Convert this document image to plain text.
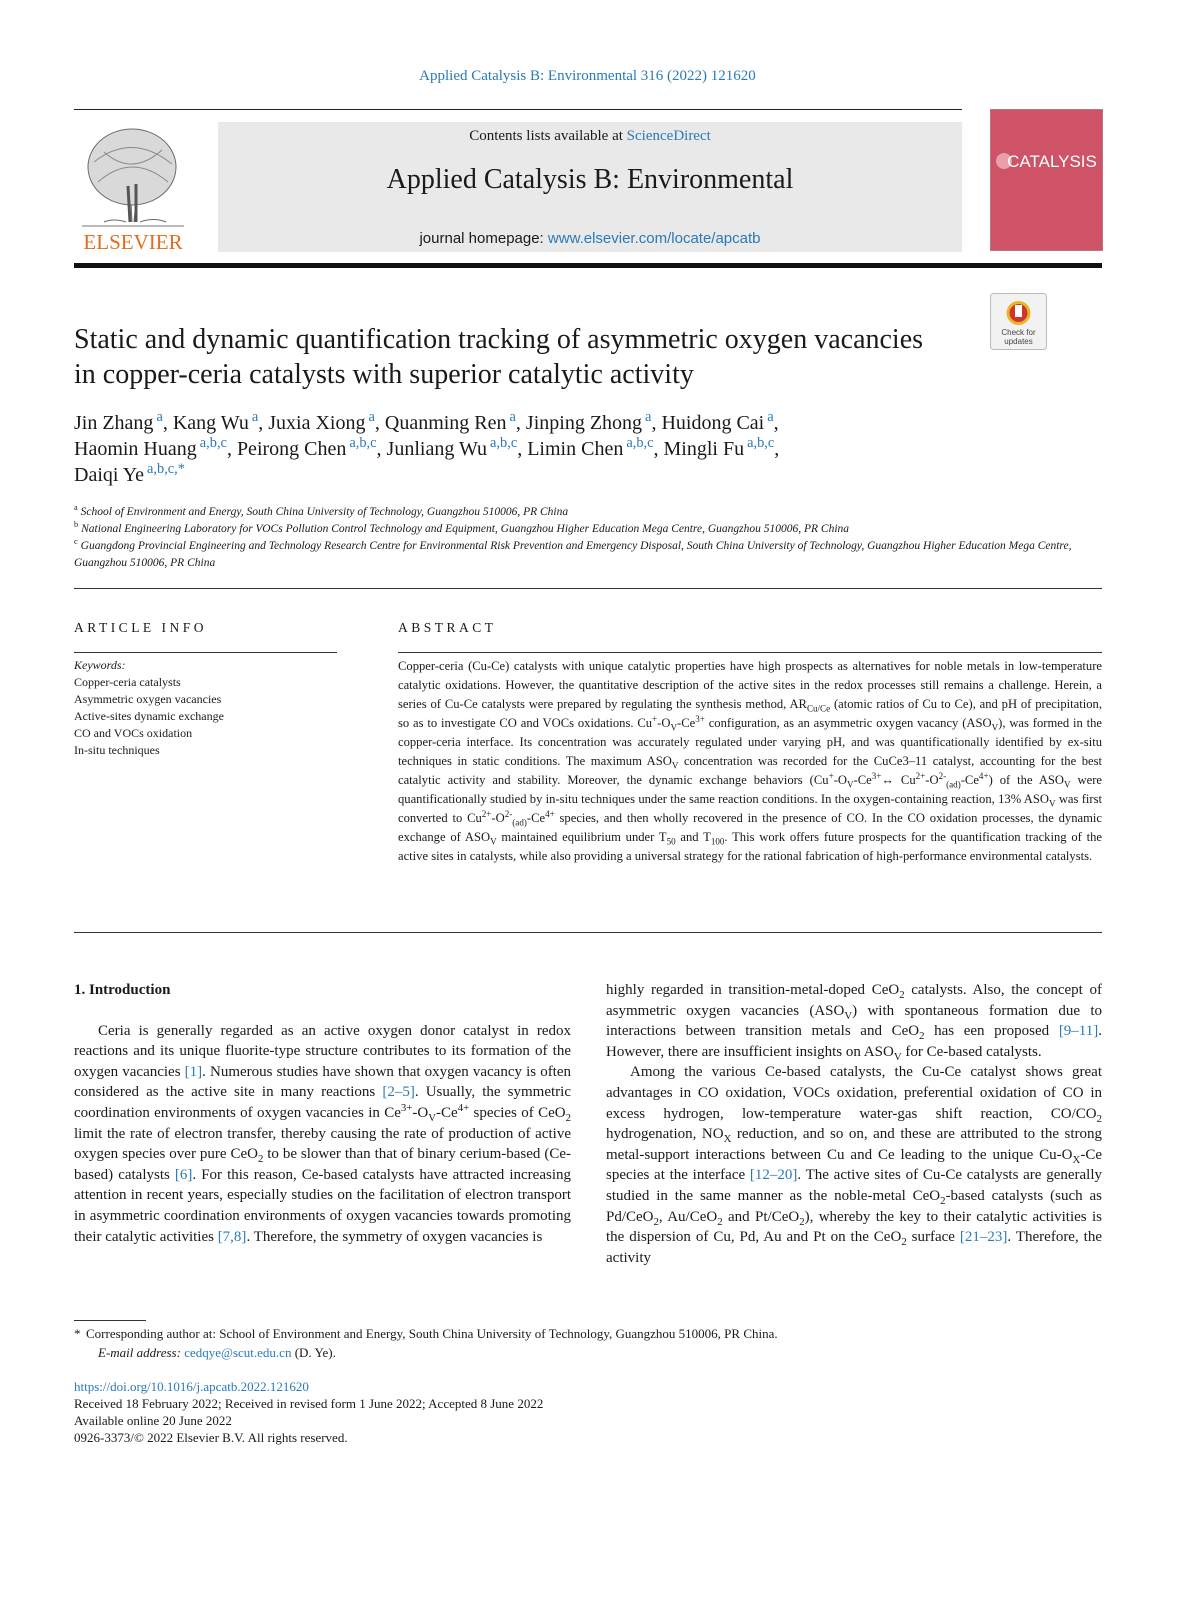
Applied Catalysis B: Environmental 316 (2022) 121620
ELSEVIER
Contents lists available at ScienceDirect
Applied Catalysis B: Environmental
journal homepage: www.elsevier.com/locate/apcatb
CATALYSIS
Check for
updates
Static and dynamic quantification tracking of asymmetric oxygen vacancies
in copper-ceria catalysts with superior catalytic activity
Jin Zhang $^a$, Kang Wu $^a$, Juxia Xiong $^a$, Quanming Ren $^a$, Jinping Zhong $^a$, Huidong Cai $^a$,
Haomin Huang $^{a,b,c}$, Peirong Chen $^{a,b,c}$, Junliang Wu $^{a,b,c}$, Limin Chen $^{a,b,c}$, Mingli Fu $^{a,b,c}$,
Daiqi Ye $^{a,b,c,*}$
$^a$ School of Environment and Energy, South China University of Technology, Guangzhou 510006, PR China
$^b$ National Engineering Laboratory for VOCs Pollution Control Technology and Equipment, Guangzhou Higher Education Mega Centre, Guangzhou 510006, PR China
$^c$ Guangdong Provincial Engineering and Technology Research Centre for Environmental Risk Prevention and Emergency Disposal, South China University of Technology, Guangzhou Higher Education Mega Centre, Guangzhou 510006, PR China
ARTICLE INFO	ABSTRACT
Keywords:
Copper-ceria catalysts
Asymmetric oxygen vacancies
Active-sites dynamic exchange
CO and VOCs oxidation
In-situ techniques
Copper-ceria (Cu-Ce) catalysts with unique catalytic properties have high prospects as alternatives for noble metals in low-temperature catalytic oxidations. However, the quantitative description of the active sites in the redox processes still remains a challenge. Herein, a series of Cu-Ce catalysts were prepared by regulating the synthesis method, $AR_{Cu/Ce}$ (atomic ratios of Cu to Ce), and pH of precipitation, so as to investigate CO and VOCs oxidations. $Cu^+-O_V-Ce^{3+}$ configuration, as an asymmetric oxygen vacancy $(ASO_V)$, was formed in the copper-ceria interface. Its concentration was accurately regulated under varying pH, and was quantificationally identified by ex-situ techniques in static conditions. The maximum $ASO_V$ concentration was recorded for the CuCe3–11 catalyst, accounting for the best catalytic activity and stability. Moreover, the dynamic exchange behaviors ($Cu^+-O_V-Ce^{3+}\leftrightarrow$ $Cu^{2+}-O^{2-}_{(ad)}-Ce^{4+}$) of the $ASO_V$ were quantificationally studied by in-situ techniques under the same reaction conditions. In the oxygen-containing reaction, 13% $ASO_V$ was first converted to $Cu^{2+}-O^{2-}_{(ad)}-Ce^{4+}$ species, and then wholly recovered in the presence of CO. In the CO oxidation processes, the dynamic exchange of $ASO_V$ maintained equilibrium under $T_{50}$ and $T_{100}$. This work offers future prospects for the quantification tracking of the active sites in catalysts, while also providing a universal strategy for the rational fabrication of high-performance environmental catalysts.

1. Introduction

Ceria is generally regarded as an active oxygen donor catalyst in redox reactions and its unique fluorite-type structure contributes to its formation of the oxygen vacancies [1]. Numerous studies have shown that oxygen vacancy is often considered as the active site in many reactions [2–5]. Usually, the symmetric coordination environments of oxygen vacancies in $Ce^{3+}-O_V-Ce^{4+}$ species of CeO$_2$ limit the rate of electron transfer, thereby causing the rate of production of active oxygen species over pure CeO$_2$ to be slower than that of binary cerium-based (Ce-based) catalysts [6]. For this reason, Ce-based catalysts have attracted increasing attention in recent years, especially studies on the facilitation of electron transport in asymmetric coordination environments of oxygen vacancies towards promoting their catalytic activities [7,8]. Therefore, the symmetry of oxygen vacancies is

highly regarded in transition-metal-doped CeO$_2$ catalysts. Also, the concept of asymmetric oxygen vacancies $(ASO_V)$ with spontaneous formation due to interactions between transition metals and CeO$_2$ has een proposed [9–11]. However, there are insufficient insights on $ASO_V$ for Ce-based catalysts.

Among the various Ce-based catalysts, the Cu-Ce catalyst shows great advantages in CO oxidation, VOCs oxidation, preferential oxidation of CO in excess hydrogen, low-temperature water-gas shift reaction, $CO/CO_2$ hydrogenation, $NO_X$ reduction, and so on, and these are attributed to the strong metal-support interactions between Cu and Ce leading to the unique $Cu-O_X-Ce$ species at the interface [12–20]. The active sites of Cu-Ce catalysts are generally studied in the same manner as the noble-metal CeO$_2$-based catalysts (such as Pd/CeO$_2$, Au/CeO$_2$ and Pt/CeO$_2$), whereby the key to their catalytic activities is the dispersion of Cu, Pd, Au and Pt on the CeO$_2$ surface [21–23]. Therefore, the activity

* Corresponding author at: School of Environment and Energy, South China University of Technology, Guangzhou 510006, PR China.
E-mail address: cedqye@scut.edu.cn (D. Ye).
https://doi.org/10.1016/j.apcatb.2022.121620
Received 18 February 2022; Received in revised form 1 June 2022; Accepted 8 June 2022
Available online 20 June 2022
0926-3373/© 2022 Elsevier B.V. All rights reserved.
